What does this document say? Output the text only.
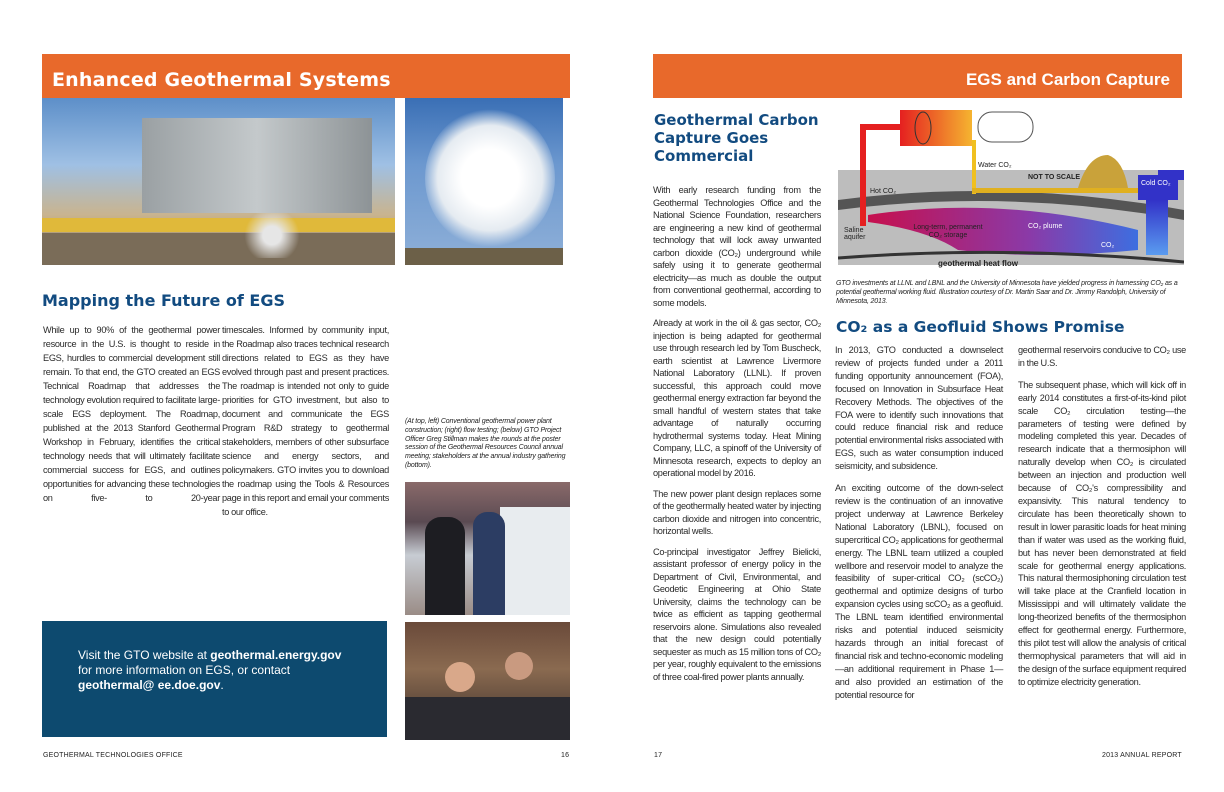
Enhanced Geothermal Systems
Mapping the Future of EGS

While up to 90% of the geothermal power resource in the U.S. is thought to reside in EGS, hurdles to commercial development still remain. To that end, the GTO created an EGS Technical Roadmap that addresses the technology evolution required to facilitate large-scale EGS deployment. The Roadmap, published at the 2013 Stanford Geothermal Workshop in February, identifies the critical technology needs that will ultimately facilitate commercial success for EGS, and outlines opportunities for advancing these technologies on five- to 20-year

timescales. Informed by community input, the Roadmap also traces technical research directions related to EGS as they have evolved through past and present practices. The roadmap is intended not only to guide priorities for GTO investment, but also to document and communicate the EGS Program R&D strategy to geothermal stakeholders, members of other subsurface science and energy sectors, and policymakers. GTO invites you to download the roadmap using the Tools & Resources page in this report and email your comments to our office.

(At top, left) Conventional geothermal power plant construction; (right) flow testing; (below) GTO Project Officer Greg Stillman makes the rounds at the poster session of the Geothermal Resources Council annual meeting; stakeholders at the annual industry gathering (bottom).
Visit the GTO website at geothermal.energy.gov for more information on EGS, or contact geothermal@ ee.doe.gov.
GEOTHERMAL TECHNOLOGIES OFFICE	16
EGS and Carbon Capture
Geothermal Carbon Capture Goes Commercial

With early research funding from the Geothermal Technologies Office and the National Science Foundation, researchers are engineering a new kind of geothermal technology that will lock away unwanted carbon dioxide (CO₂) underground while safely using it to generate geothermal electricity—as much as double the output from conventional geothermal, according to some models.

Already at work in the oil & gas sector, CO₂ injection is being adapted for geothermal use through research led by Tom Buscheck, earth scientist at Lawrence Livermore National Laboratory (LLNL). If proven successful, this approach could move geothermal energy extraction far beyond the small handful of western states that take advantage of naturally occurring hydrothermal systems today. Heat Mining Company, LLC, a spinoff of the University of Minnesota research, expects to deploy an operational model by 2016.

The new power plant design replaces some of the geothermally heated water by injecting carbon dioxide and nitrogen into concentric, horizontal wells.

Co-principal investigator Jeffrey Bielicki, assistant professor of energy policy in the Department of Civil, Environmental, and Geodetic Engineering at Ohio State University, claims the technology can be twice as efficient as tapping geothermal reservoirs alone. Simulations also revealed that the new design could potentially sequester as much as 15 million tons of CO₂ per year, roughly equivalent to the emissions of three coal-fired power plants annually.

Hot CO₂
Water CO₂
Cold CO₂
NOT TO SCALE
CO₂ plume
CO₂
Saline aquifer
Long-term, permanent CO₂ storage
geothermal heat flow
GTO investments at LLNL and LBNL and the University of Minnesota have yielded progress in harnessing CO₂ as a potential geothermal working fluid. Illustration courtesy of Dr. Martin Saar and Dr. Jimmy Randolph, University of Minnesota, 2013.
CO₂ as a Geofluid Shows Promise

In 2013, GTO conducted a downselect review of projects funded under a 2011 funding opportunity announcement (FOA), focused on Innovation in Subsurface Heat Recovery Methods. The objectives of the FOA were to identify such innovations that could reduce financial risk and reduce potential environmental risks associated with EGS, such as water consumption induced seismicity, and subsidence.

An exciting outcome of the down-select review is the continuation of an innovative project underway at Lawrence Berkeley National Laboratory (LBNL), focused on supercritical CO₂ applications for geothermal energy. The LBNL team utilized a coupled wellbore and reservoir model to analyze the feasibility of super-critical CO₂ (scCO₂) geothermal and optimize designs of turbo expansion cycles using scCO₂ as a geofluid. The LBNL team identified environmental risks and potential induced seismicity hazards through an initial forecast of financial risk and techno-economic modeling—an additional requirement in Phase 1—and also provided an estimation of the potential resource for

geothermal reservoirs conducive to CO₂ use in the U.S.

The subsequent phase, which will kick off in early 2014 constitutes a first-of-its-kind pilot scale CO₂ circulation testing—the parameters of testing were defined by modeling completed this year. Decades of research indicate that a thermosiphon will naturally develop when CO₂ is circulated between an injection and production well because of CO₂'s compressibility and expansivity. This natural tendency to circulate has been theoretically shown to result in lower parasitic loads for heat mining than if water was used as the working fluid, but has never been demonstrated at field scale for geothermal energy applications. This natural thermosiphoning circulation test will take place at the Cranfield location in Mississippi and will ultimately validate the long-theorized benefits of the thermosiphon effect for geothermal energy. Furthermore, this pilot test will allow the analysis of critical thermophysical parameters that will aid in the design of the surface equipment required to optimize electricity generation.

17	2013 ANNUAL REPORT
